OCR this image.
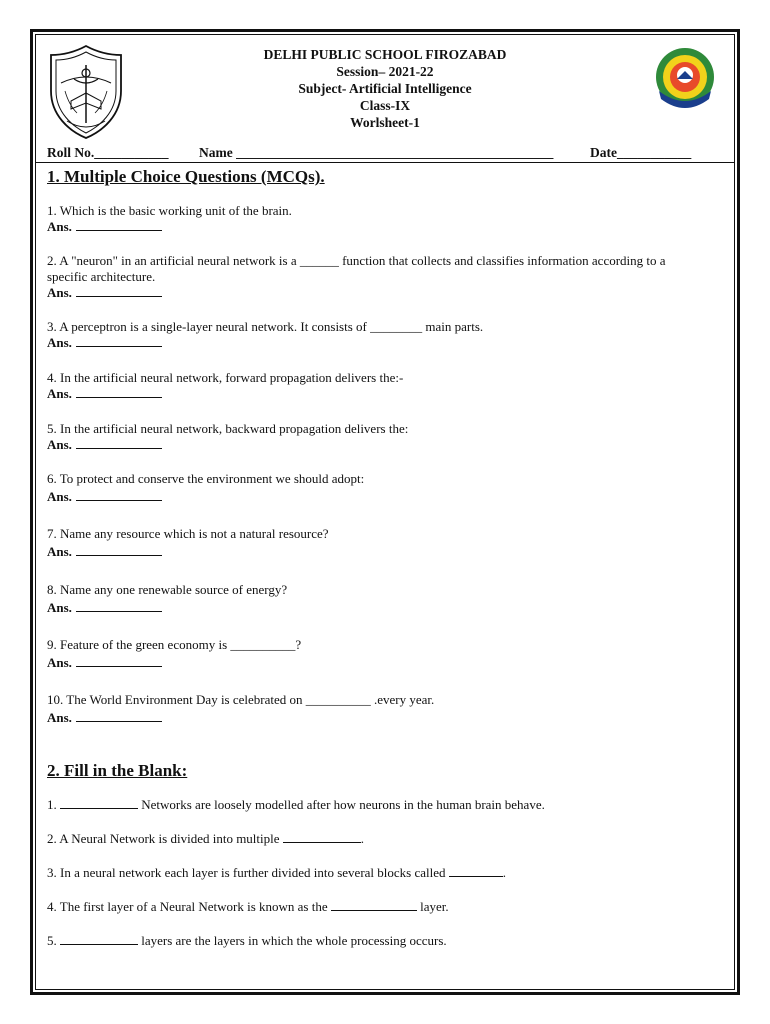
DELHI PUBLIC SCHOOL FIROZABAD
Session– 2021-22
Subject- Artificial Intelligence
Class-IX
Worlsheet-1
Roll No.___________ Name _______________________________________________	Date___________
1. Multiple Choice Questions (MCQs).
1. Which is the basic working unit of the brain.
Ans.
2. A "neuron" in an artificial neural network is a ______ function that collects and classifies information according to a specific architecture.
Ans.
3. A perceptron is a single-layer neural network. It consists of ________ main parts.
Ans.
4. In the artificial neural network, forward propagation delivers the:-
Ans.
5. In the artificial neural network, backward propagation delivers the:
Ans.
6. To protect and conserve the environment we should adopt:
Ans.
7. Name any resource which is not a natural resource?
Ans.
8. Name any one renewable source of energy?
Ans.
9. Feature of the green economy is __________?
Ans.
10. The World Environment Day is celebrated on __________ .every year.
Ans.
2. Fill in the Blank:
1.	Networks are loosely modelled after how neurons in the human brain behave.
2. A Neural Network is divided into multiple	.
3. In a neural network each layer is further divided into several blocks called	.
4. The first layer of a Neural Network is known as the	layer.
5.	layers are the layers in which the whole processing occurs.
